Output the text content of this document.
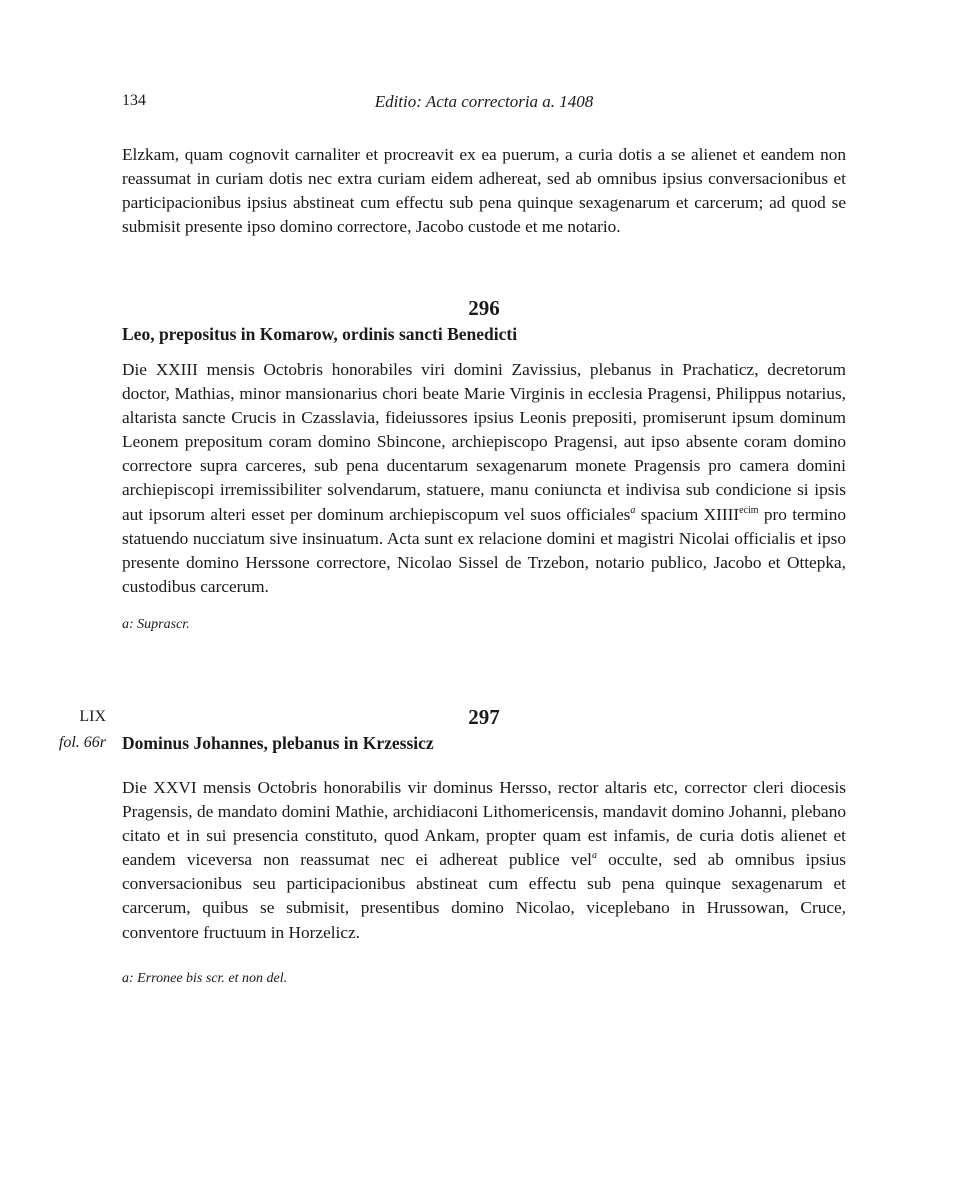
134	Editio: Acta correctoria a. 1408

Elzkam, quam cognovit carnaliter et procreavit ex ea puerum, a curia dotis a se alienet et eandem non reassumat in curiam dotis nec extra curiam eidem adhereat, sed ab omnibus ipsius conversacionibus et participacionibus ipsius abstineat cum effectu sub pena quinque sexagenarum et carcerum; ad quod se submisit presente ipso domino correctore, Jacobo custode et me notario.

296

Leo, prepositus in Komarow, ordinis sancti Benedicti

Die XXIII mensis Octobris honorabiles viri domini Zavissius, plebanus in Prachaticz, decretorum doctor, Mathias, minor mansionarius chori beate Marie Virginis in ecclesia Pragensi, Philippus notarius, altarista sancte Crucis in Czasslavia, fideiussores ipsius Leonis prepositi, promiserunt ipsum dominum Leonem prepositum coram domino Sbincone, archiepiscopo Pragensi, aut ipso absente coram domino correctore supra carceres, sub pena ducentarum sexagenarum monete Pragensis pro camera domini archiepiscopi irremissibiliter solvendarum, statuere, manu coniuncta et indivisa sub condicione si ipsis aut ipsorum alteri esset per dominum archiepiscopum vel suos officiales$^a$ spacium $XIIII^{ecim}$ pro termino statuendo nucciatum sive insinuatum. Acta sunt ex relacione domini et magistri Nicolai officialis et ipso presente domino Herssone correctore, Nicolao Sissel de Trzebon, notario publico, Jacobo et Ottepka, custodibus carcerum.

a: Suprascr.

LIX
fol. 66r

297

Dominus Johannes, plebanus in Krzessicz

Die XXVI mensis Octobris honorabilis vir dominus Hersso, rector altaris etc, corrector cleri diocesis Pragensis, de mandato domini Mathie, archidiaconi Lithomericensis, mandavit domino Johanni, plebano citato et in sui presencia constituto, quod Ankam, propter quam est infamis, de curia dotis alienet et eandem viceversa non reassumat nec ei adhereat publice vel$^a$ occulte, sed ab omnibus ipsius conversacionibus seu participacionibus abstineat cum effectu sub pena quinque sexagenarum et carcerum, quibus se submisit, presentibus domino Nicolao, viceplebano in Hrussowan, Cruce, conventore fructuum in Horzelicz.

a: Erronee bis scr. et non del.
